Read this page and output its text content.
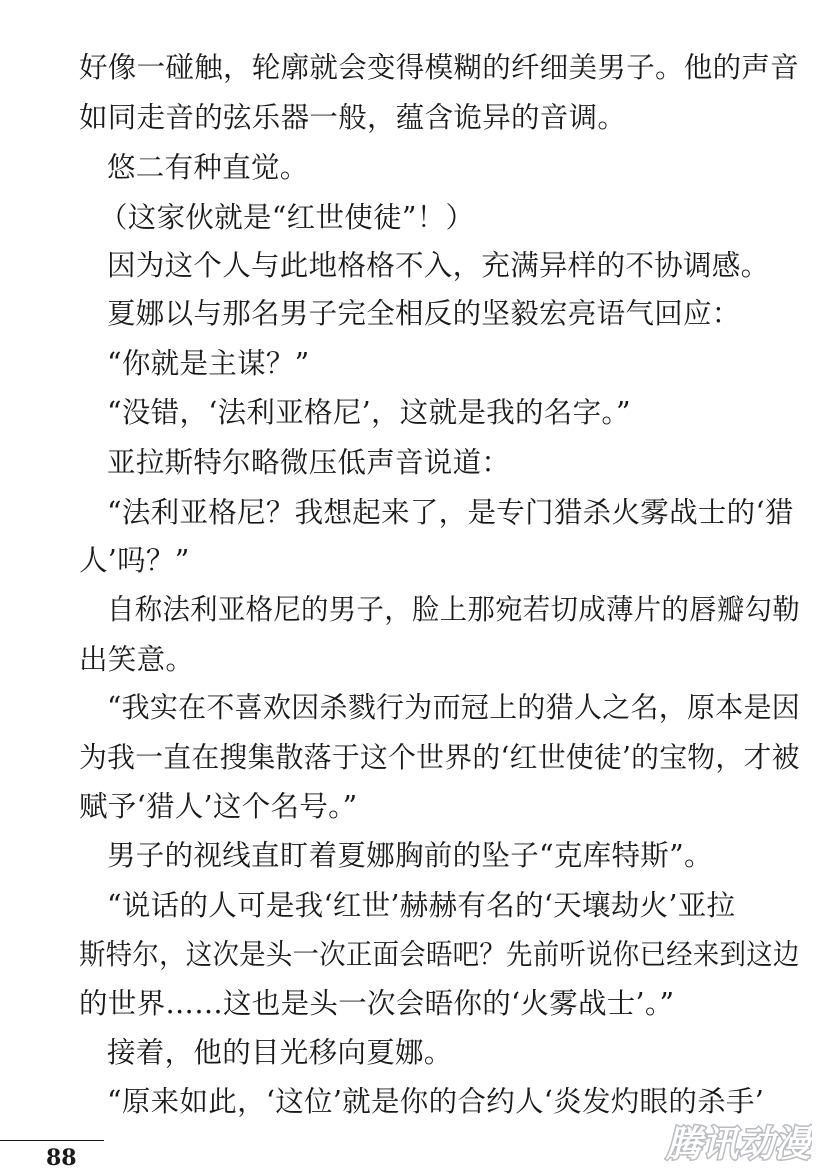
好像一碰触，轮廓就会变得模糊的纤细美男子。他的声音
如同走音的弦乐器一般，蕴含诡异的音调。
悠二有种直觉。
（这家伙就是“红世使徒”！）
因为这个人与此地格格不入，充满异样的不协调感。
夏娜以与那名男子完全相反的坚毅宏亮语气回应：
“你就是主谋？”
“没错，‘法利亚格尼’，这就是我的名字。”
亚拉斯特尔略微压低声音说道：
“法利亚格尼？我想起来了，是专门猎杀火雾战士的‘猎
人’吗？”
自称法利亚格尼的男子，脸上那宛若切成薄片的唇瓣勾勒
出笑意。
“我实在不喜欢因杀戮行为而冠上的猎人之名，原本是因
为我一直在搜集散落于这个世界的‘红世使徒’的宝物，才被
赋予‘猎人’这个名号。”
男子的视线直盯着夏娜胸前的坠子“克库特斯”。
“说话的人可是我‘红世’赫赫有名的‘天壤劫火’亚拉
斯特尔，这次是头一次正面会晤吧？先前听说你已经来到这边
的世界……这也是头一次会晤你的‘火雾战士’。”
接着，他的目光移向夏娜。
“原来如此，‘这位’就是你的合约人‘炎发灼眼的杀手’
88	腾讯动漫
